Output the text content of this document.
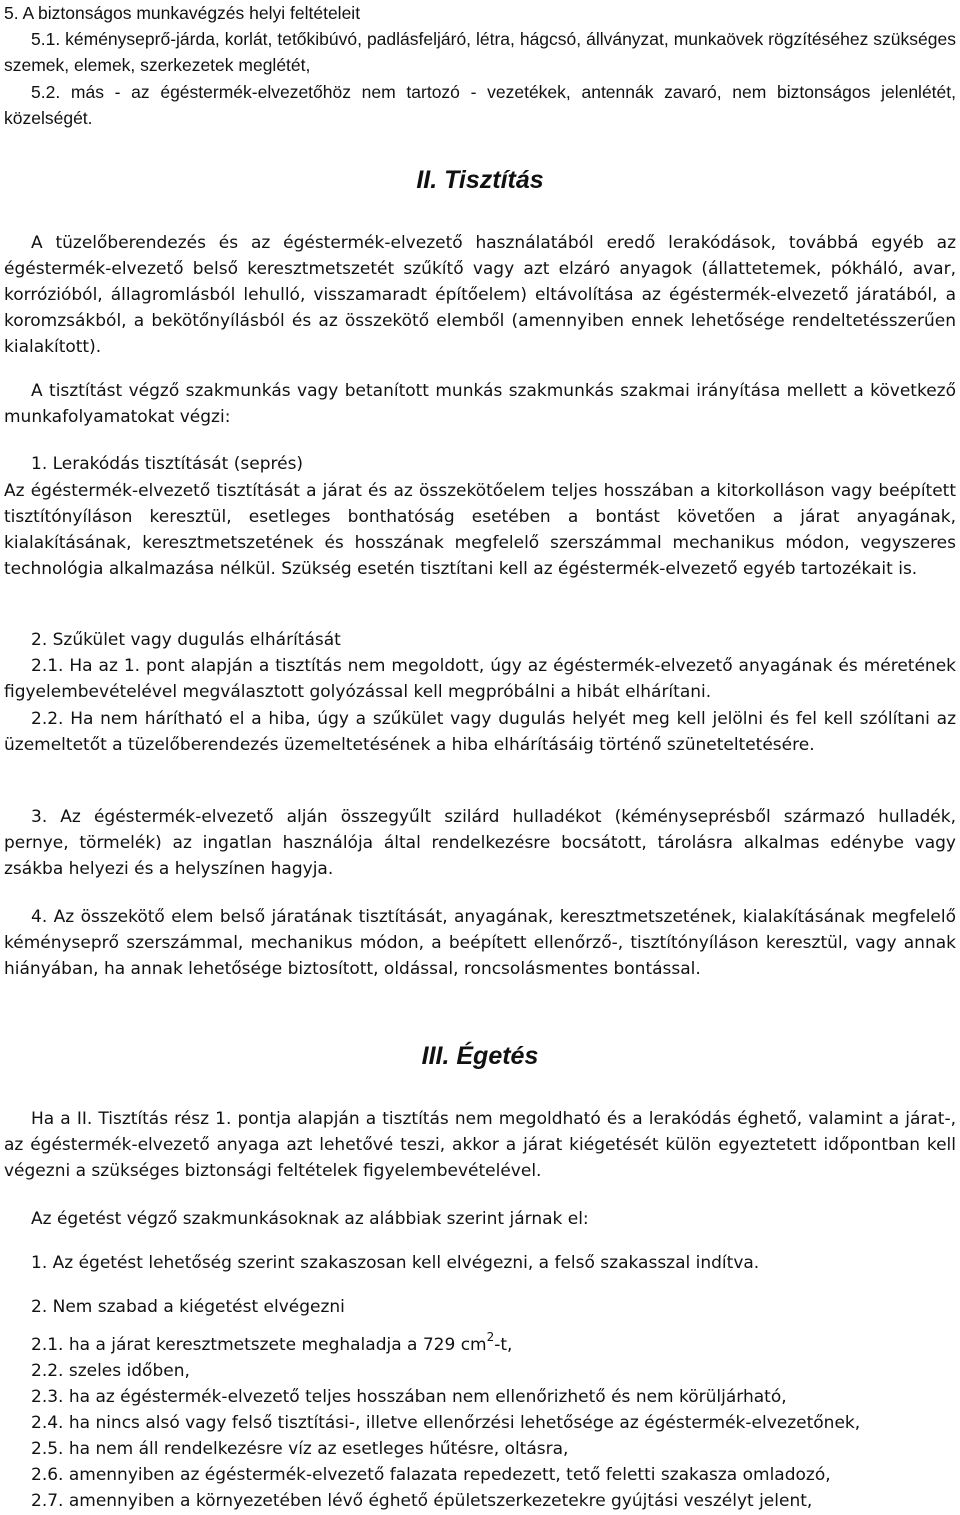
5. A biztonságos munkavégzés helyi feltételeit

5.1. kéményseprő-járda, korlát, tetőkibúvó, padlásfeljáró, létra, hágcsó, állványzat, munkaövek rögzítéséhez szükséges szemek, elemek, szerkezetek meglétét,

5.2. más - az égéstermék-elvezetőhöz nem tartozó - vezetékek, antennák zavaró, nem biztonságos jelenlétét, közelségét.

II. Tisztítás

A tüzelőberendezés és az égéstermék-elvezető használatából eredő lerakódások, továbbá egyéb az égéstermék-elvezető belső keresztmetszetét szűkítő vagy azt elzáró anyagok (állattetemek, pókháló, avar, korrózióból, állagromlásból lehulló, visszamaradt építőelem) eltávolítása az égéstermék-elvezető járatából, a koromzsákból, a bekötőnyílásból és az összekötő elemből (amennyiben ennek lehetősége rendeltetésszerűen kialakított).

A tisztítást végző szakmunkás vagy betanított munkás szakmunkás szakmai irányítása mellett a következő munkafolyamatokat végzi:

1. Lerakódás tisztítását (seprés)

Az égéstermék-elvezető tisztítását a járat és az összekötőelem teljes hosszában a kitorkolláson vagy beépített tisztítónyíláson keresztül, esetleges bonthatóság esetében a bontást követően a járat anyagának, kialakításának, keresztmetszetének és hosszának megfelelő szerszámmal mechanikus módon, vegyszeres technológia alkalmazása nélkül. Szükség esetén tisztítani kell az égéstermék-elvezető egyéb tartozékait is.

2. Szűkület vagy dugulás elhárítását

2.1. Ha az 1. pont alapján a tisztítás nem megoldott, úgy az égéstermék-elvezető anyagának és méretének figyelembevételével megválasztott golyózással kell megpróbálni a hibát elhárítani.

2.2. Ha nem hárítható el a hiba, úgy a szűkület vagy dugulás helyét meg kell jelölni és fel kell szólítani az üzemeltetőt a tüzelőberendezés üzemeltetésének a hiba elhárításáig történő szüneteltetésére.

3. Az égéstermék-elvezető alján összegyűlt szilárd hulladékot (kéményseprésből származó hulladék, pernye, törmelék) az ingatlan használója által rendelkezésre bocsátott, tárolásra alkalmas edénybe vagy zsákba helyezi és a helyszínen hagyja.

4. Az összekötő elem belső járatának tisztítását, anyagának, keresztmetszetének, kialakításának megfelelő kéményseprő szerszámmal, mechanikus módon, a beépített ellenőrző-, tisztítónyíláson keresztül, vagy annak hiányában, ha annak lehetősége biztosított, oldással, roncsolásmentes bontással.

III. Égetés

Ha a II. Tisztítás rész 1. pontja alapján a tisztítás nem megoldható és a lerakódás éghető, valamint a járat-, az égéstermék-elvezető anyaga azt lehetővé teszi, akkor a járat kiégetését külön egyeztetett időpontban kell végezni a szükséges biztonsági feltételek figyelembevételével.

Az égetést végző szakmunkásoknak az alábbiak szerint járnak el:

1. Az égetést lehetőség szerint szakaszosan kell elvégezni, a felső szakasszal indítva.

2. Nem szabad a kiégetést elvégezni

2.1. ha a járat keresztmetszete meghaladja a 729 $cm^2-t$,

2.2. szeles időben,

2.3. ha az égéstermék-elvezető teljes hosszában nem ellenőrizhető és nem körüljárható,

2.4. ha nincs alsó vagy felső tisztítási-, illetve ellenőrzési lehetősége az égéstermék-elvezetőnek,

2.5. ha nem áll rendelkezésre víz az esetleges hűtésre, oltásra,

2.6. amennyiben az égéstermék-elvezető falazata repedezett, tető feletti szakasza omladozó,

2.7. amennyiben a környezetében lévő éghető épületszerkezetekre gyújtási veszélyt jelent,
